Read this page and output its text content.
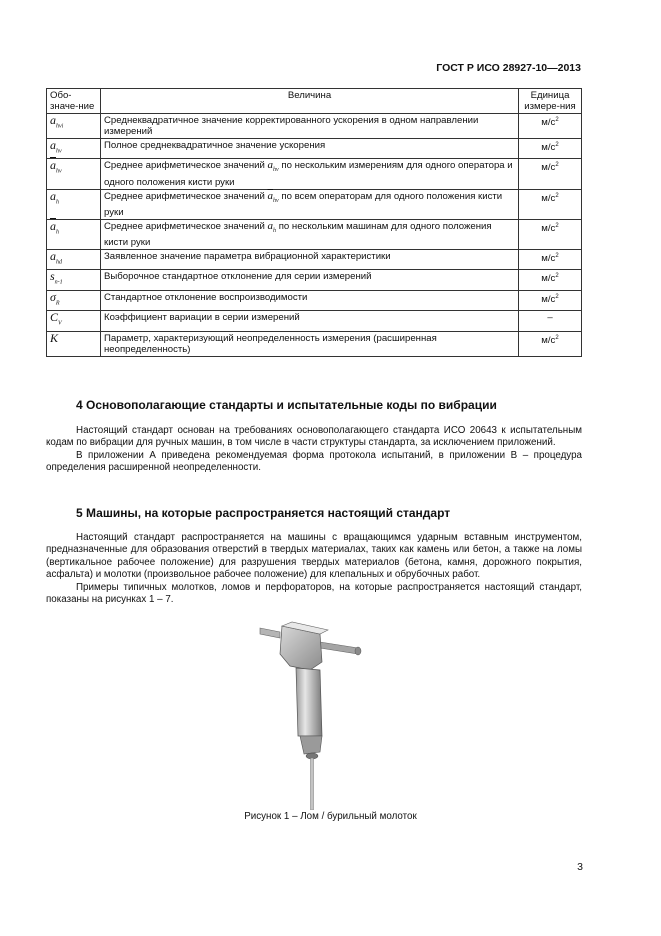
ГОСТ Р ИСО 28927-10—2013
Обо-значе-ние	Величина	Единица измере-ния
$a_{hvi}$	Среднеквадратичное значение корректированного ускорения в одном направлении измерений	$м/с^2$
$a_{hv}$	Полное среднеквадратичное значение ускорения	$м/с^2$
$\overline{a}_{hv}$	Среднее арифметическое значений $a_{hv}$ по нескольким измерениям для одного оператора и одного положения кисти руки	$м/с^2$
$a_h$	Среднее арифметическое значений $\overline{a}_{hv}$ по всем операторам для одного положения кисти руки	$м/с^2$
$\overline{a}_h$	Среднее арифметическое значений $a_h$ по нескольким машинам для одного положения кисти руки	$м/с^2$
$a_{hd}$	Заявленное значение параметра вибрационной характеристики	$м/с^2$
$s_{n-1}$	Выборочное стандартное отклонение для серии измерений	$м/с^2$
$\sigma_R$	Стандартное отклонение воспроизводимости	$м/с^2$
$C_V$	Коэффициент вариации в серии измерений	–
K	Параметр, характеризующий неопределенность измерения (расширенная неопределенность)	$м/с^2$
4 Основополагающие стандарты и испытательные коды по вибрации

Настоящий стандарт основан на требованиях основополагающего стандарта ИСО 20643 к испытательным кодам по вибрации для ручных машин, в том числе в части структуры стандарта, за исключением приложений.

В приложении А приведена рекомендуемая форма протокола испытаний, в приложении В – процедура определения расширенной неопределенности.

5 Машины, на которые распространяется настоящий стандарт

Настоящий стандарт распространяется на машины с вращающимся ударным вставным инструментом, предназначенные для образования отверстий в твердых материалах, таких как камень или бетон, а также на ломы (вертикальное рабочее положение) для разрушения твердых материалов (бетона, камня, дорожного покрытия, асфальта) и молотки (произвольное рабочее положение) для клепальных и обрубочных работ.

Примеры типичных молотков, ломов и перфораторов, на которые распространяется настоящий стандарт, показаны на рисунках 1 – 7.

Рисунок 1 – Лом / бурильный молоток
3
